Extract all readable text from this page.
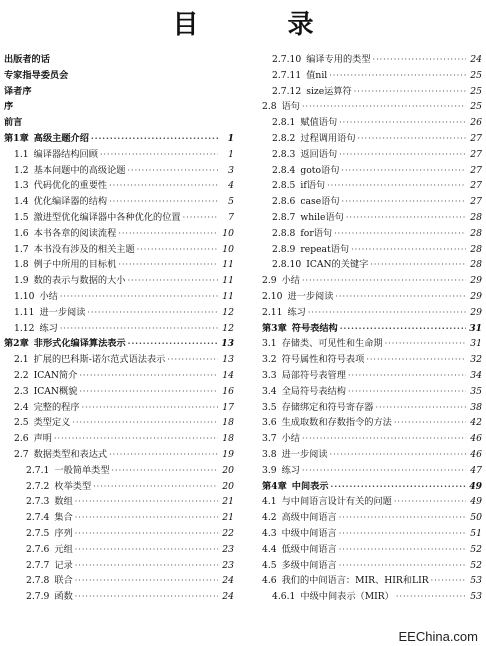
目 录
出版者的话
专家指导委员会
译者序
序
前言
第1章 高级主题介绍 ·····	1
1.1 编译器结构回顾 ·····	1
1.2 基本问题中的高级论题 ·····	3
1.3 代码优化的重要性 ·····	4
1.4 优化编译器的结构 ·····	5
1.5 激进型优化编译器中各种优化的位置 ·····	7
1.6 本书各章的阅读流程 ·····	10
1.7 本书没有涉及的相关主题 ·····	10
1.8 例子中所用的目标机 ·····	11
1.9 数的表示与数据的大小 ·····	11
1.10 小结 ·····	11
1.11 进一步阅读 ·····	12
1.12 练习 ·····	12
第2章 非形式化编译算法表示 ·····	13
2.1 扩展的巴科斯-诺尔范式语法表示 ·····	13
2.2 ICAN简介 ·····	14
2.3 ICAN概貌 ·····	16
2.4 完整的程序 ·····	17
2.5 类型定义 ·····	18
2.6 声明 ·····	18
2.7 数据类型和表达式 ·····	19
2.7.1 一般简单类型 ·····	20
2.7.2 枚举类型 ·····	20
2.7.3 数组 ·····	21
2.7.4 集合 ·····	21
2.7.5 序列 ·····	22
2.7.6 元组 ·····	23
2.7.7 记录 ·····	23
2.7.8 联合 ·····	24
2.7.9 函数 ·····	24
2.7.10 编译专用的类型 ·····	24
2.7.11 值nil ·····	25
2.7.12 size运算符 ·····	25
2.8 语句 ·····	25
2.8.1 赋值语句 ·····	26
2.8.2 过程调用语句 ·····	27
2.8.3 返回语句 ·····	27
2.8.4 goto语句 ·····	27
2.8.5 if语句 ·····	27
2.8.6 case语句 ·····	27
2.8.7 while语句 ·····	28
2.8.8 for语句 ·····	28
2.8.9 repeat语句 ·····	28
2.8.10 ICAN的关键字 ·····	28
2.9 小结 ·····	29
2.10 进一步阅读 ·····	29
2.11 练习 ·····	29
第3章 符号表结构 ·····	31
3.1 存储类、可见性和生命期 ·····	31
3.2 符号属性和符号表项 ·····	32
3.3 局部符号表管理 ·····	34
3.4 全局符号表结构 ·····	35
3.5 存储绑定和符号寄存器 ·····	38
3.6 生成取数和存数指令的方法 ·····	42
3.7 小结 ·····	46
3.8 进一步阅读 ·····	46
3.9 练习 ·····	47
第4章 中间表示 ·····	49
4.1 与中间语言设计有关的问题 ·····	49
4.2 高级中间语言 ·····	50
4.3 中级中间语言 ·····	51
4.4 低级中间语言 ·····	52
4.5 多级中间语言 ·····	52
4.6 我们的中间语言：MIR、HIR和LIR ·····	53
4.6.1 中级中间表示（MIR） ·····	53
EEChina.com
